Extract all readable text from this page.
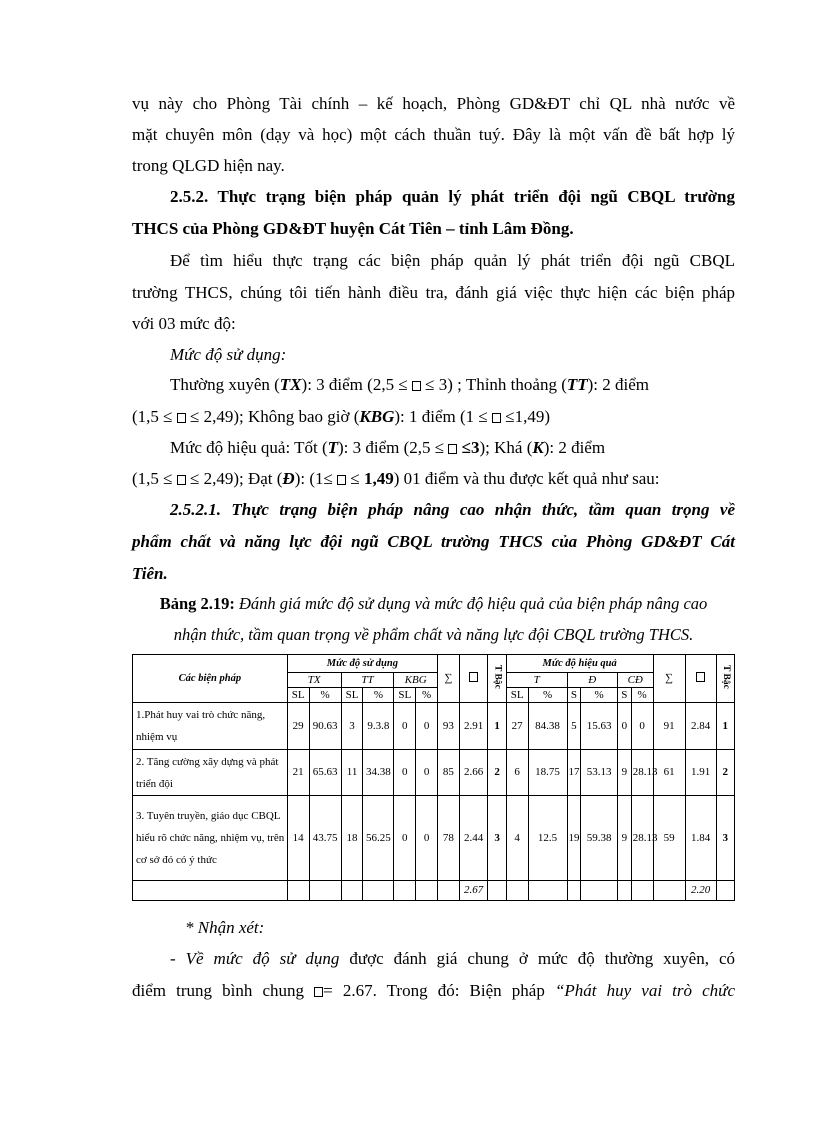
vụ này cho Phòng Tài chính – kế hoạch, Phòng GD&ĐT chỉ QL nhà nước về

mặt chuyên môn (dạy và học) một cách thuần tuý. Đây là một vấn đề bất hợp lý

trong QLGD hiện nay.

2.5.2. Thực trạng biện pháp quản lý phát triển đội ngũ CBQL trường

THCS của Phòng GD&ĐT huyện Cát Tiên – tỉnh Lâm Đồng.

Để tìm hiểu thực trạng các biện pháp quản lý phát triển đội ngũ CBQL

trường THCS, chúng tôi tiến hành điều tra, đánh giá việc thực hiện các biện pháp

với 03 mức độ:

Mức độ sử dụng:

Thường xuyên (TX): 3 điểm (2,5 ≤  ≤ 3) ; Thỉnh thoảng (TT): 2 điểm

(1,5 ≤  ≤ 2,49); Không bao giờ (KBG): 1 điểm (1 ≤  ≤1,49)

Mức độ hiệu quả: Tốt (T): 3 điểm (2,5 ≤  ≤3); Khá (K): 2 điểm

(1,5 ≤  ≤ 2,49); Đạt (Đ): (1≤  ≤ 1,49) 01 điểm và thu được kết quả như sau:

2.5.2.1. Thực trạng biện pháp nâng cao nhận thức, tầm quan trọng về

phẩm chất và năng lực đội ngũ CBQL trường THCS của Phòng GD&ĐT Cát

Tiên.

Bảng 2.19: Đánh giá mức độ sử dụng và mức độ hiệu quả của biện pháp nâng cao
nhận thức, tầm quan trọng về phẩm chất và năng lực đội CBQL trường THCS.
Các biện pháp	Mức độ sử dụng						∑		T Bậc	Mức độ hiệu quả						∑		T Bậc
	TX		TT		KBG					T		Đ		CĐ				
	SL	%	SL	%	SL	%				SL	%	S	%	S	%			
1.Phát huy vai trò chức năng, nhiệm vụ	29	90.63	3	9.3.8	0	0	93	2.91	1	27	84.38	5	15.63	0	0	91	2.84	1
2. Tăng cường xây dựng và phát triển đội	21	65.63	11	34.38	0	0	85	2.66	2	6	18.75	17	53.13	9	28.13	61	1.91	2
3. Tuyên truyền, giáo dục CBQL hiểu rõ chức năng, nhiệm vụ, trên cơ sở đó có ý thức	14	43.75	18	56.25	0	0	78	2.44	3	4	12.5	19	59.38	9	28.13	59	1.84	3
								2.67									2.20	

* Nhận xét:

- Về mức độ sử dụng được đánh giá chung ở mức độ thường xuyên, có

điểm trung bình chung = 2.67. Trong đó: Biện pháp “Phát huy vai trò chức
